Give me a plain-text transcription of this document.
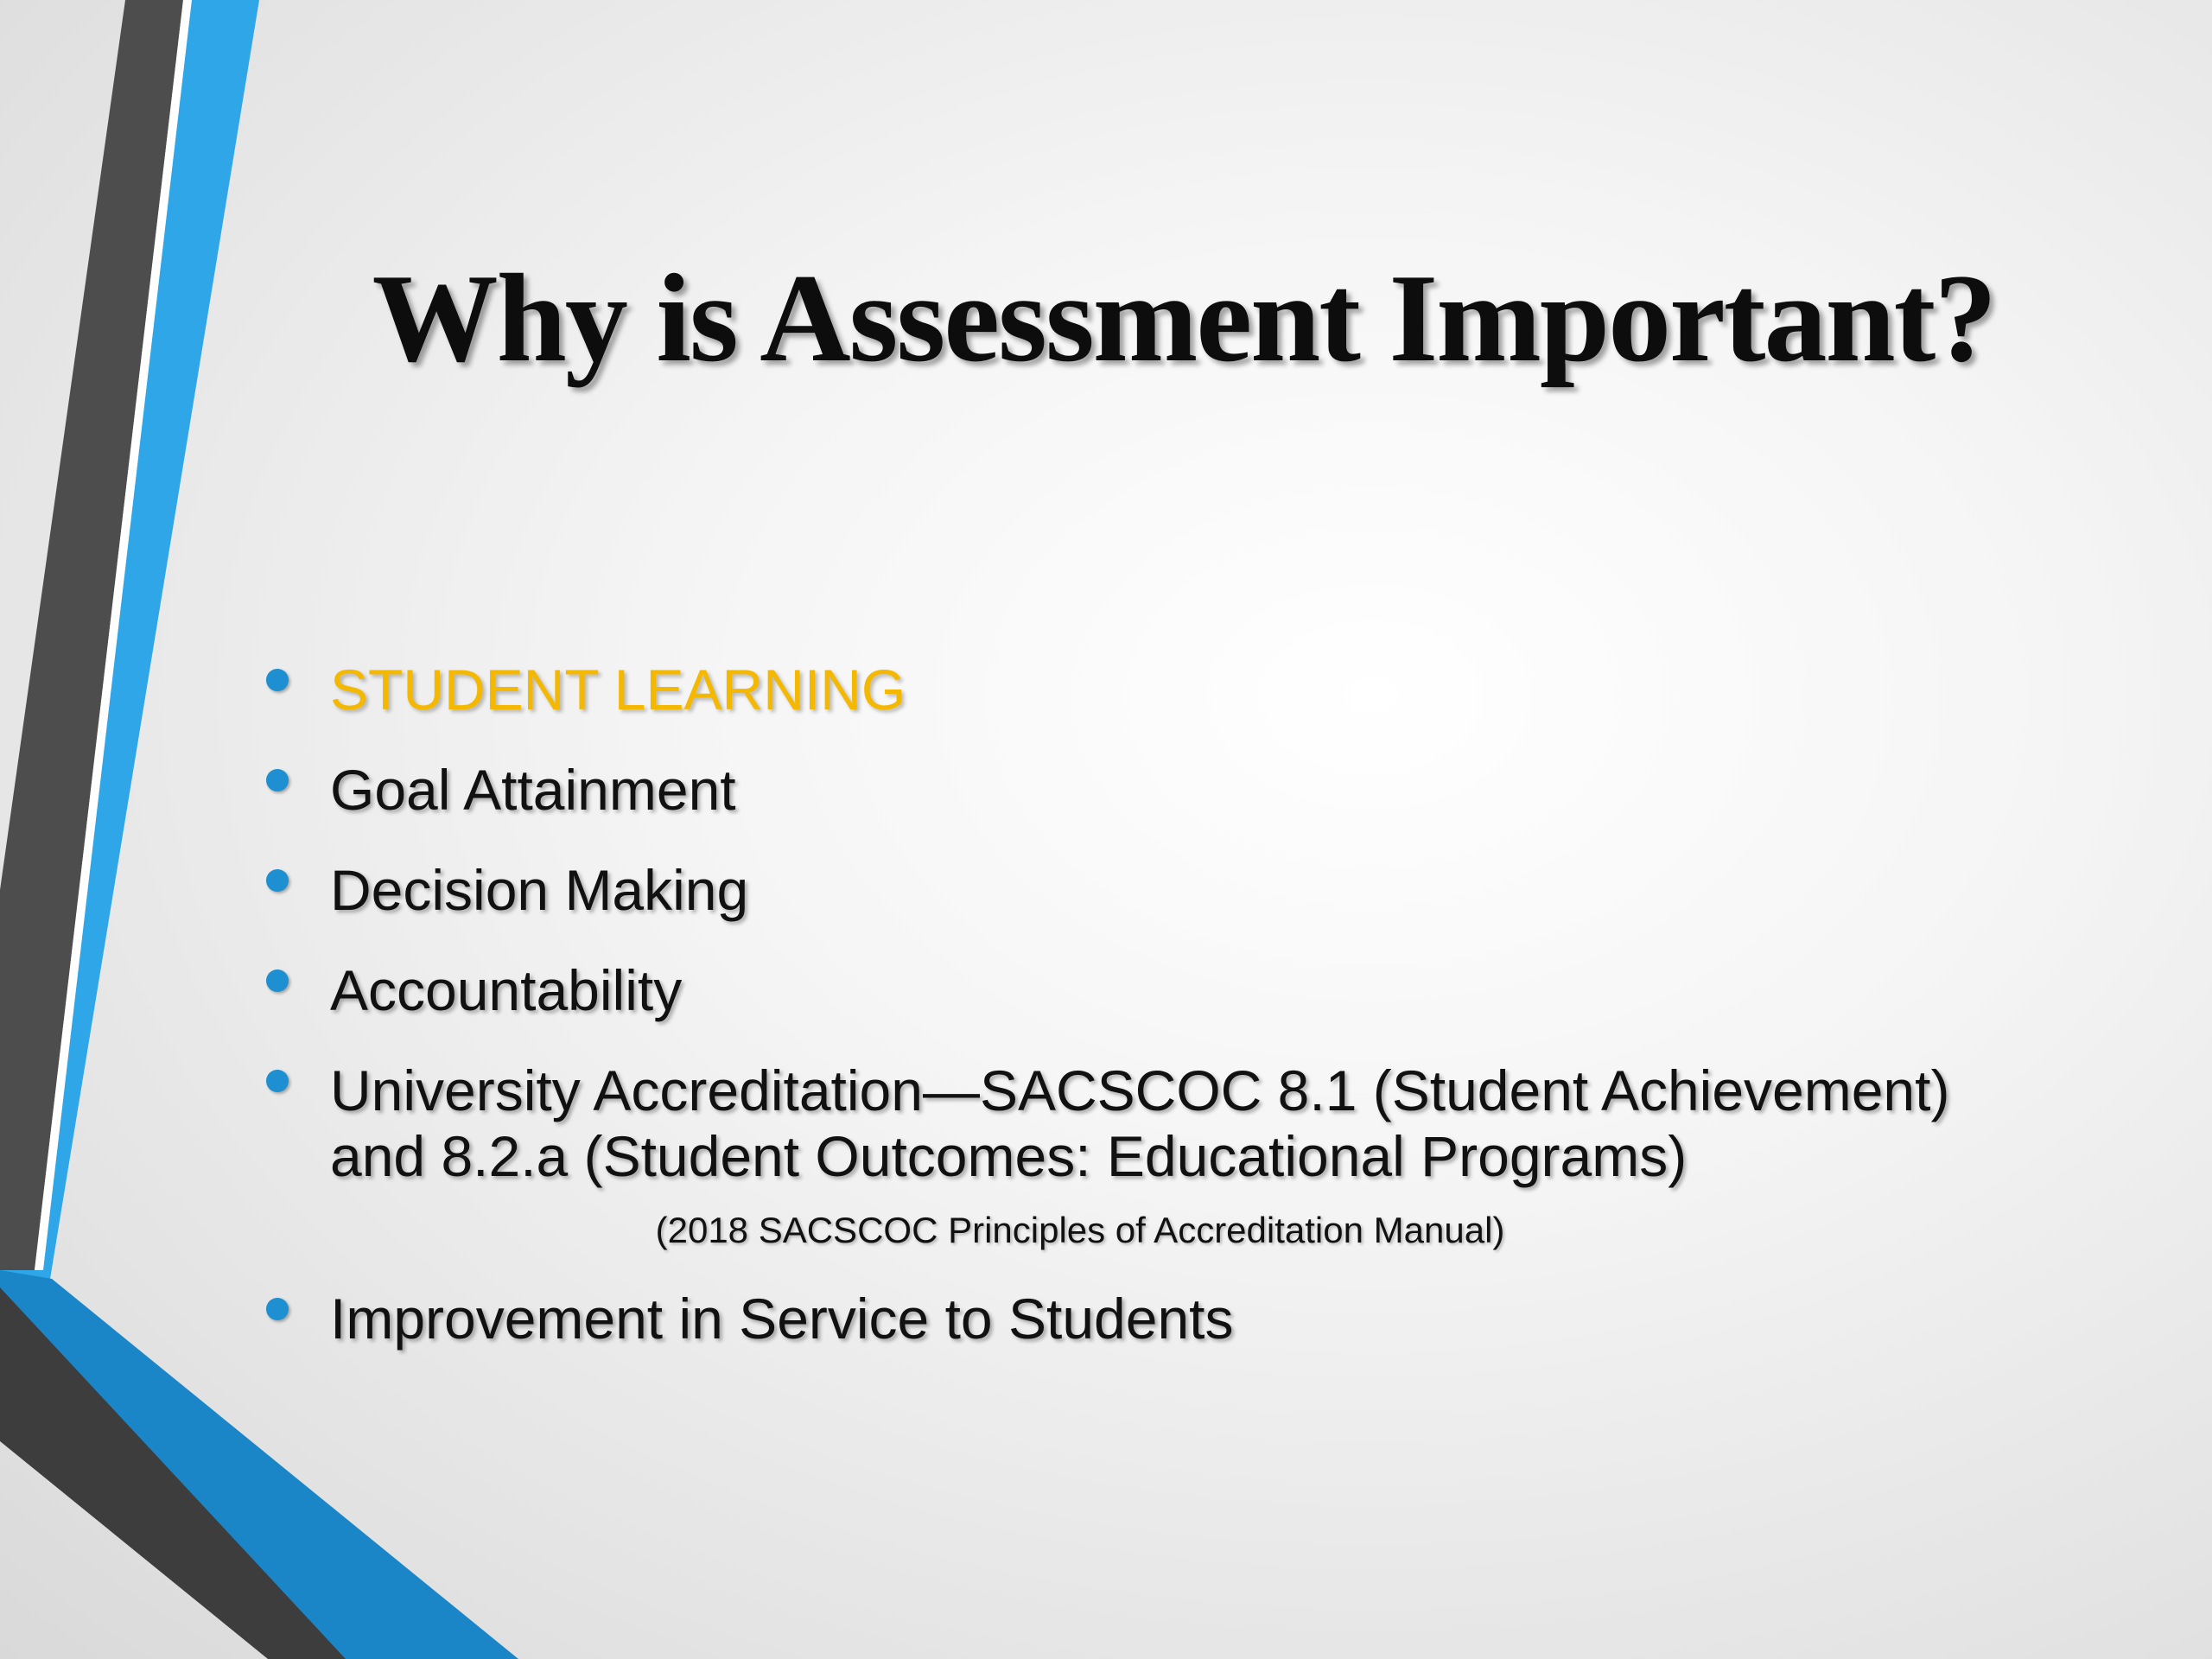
Why is Assessment Important?
STUDENT LEARNING
Goal Attainment
Decision Making
Accountability
University Accreditation—SACSCOC 8.1 (Student Achievement) and 8.2.a (Student Outcomes: Educational Programs)
(2018 SACSCOC Principles of Accreditation Manual)
Improvement in Service to Students
